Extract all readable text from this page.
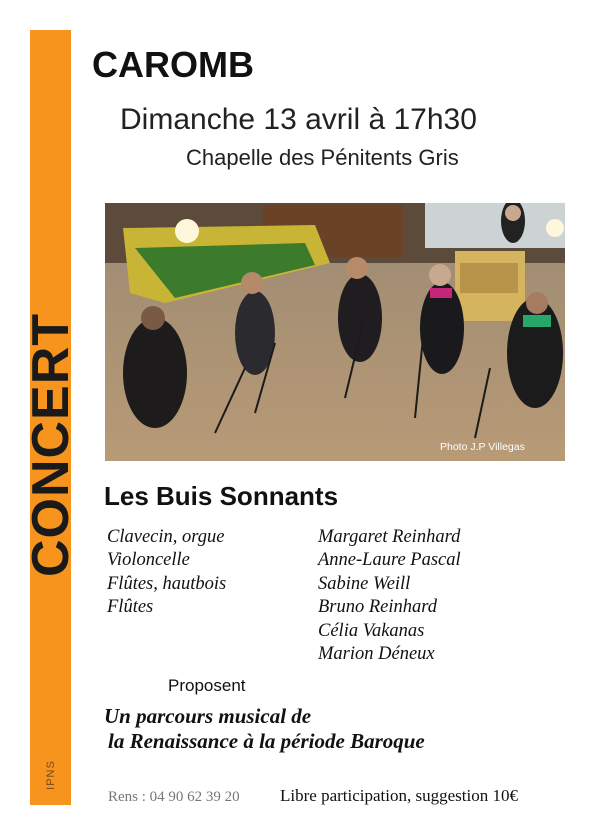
CONCERT
IPNS
CAROMB
Dimanche 13 avril à 17h30
Chapelle des Pénitents Gris
Photo J.P Villegas
Les Buis Sonnants
Clavecin, orgue
Violoncelle
Flûtes, hautbois
Flûtes
Margaret Reinhard
Anne-Laure Pascal
Sabine Weill
Bruno Reinhard
Célia Vakanas
Marion Déneux
Proposent
Un parcours musical de
la Renaissance à la période Baroque
Rens : 04 90 62 39 20 Libre participation, suggestion 10€
